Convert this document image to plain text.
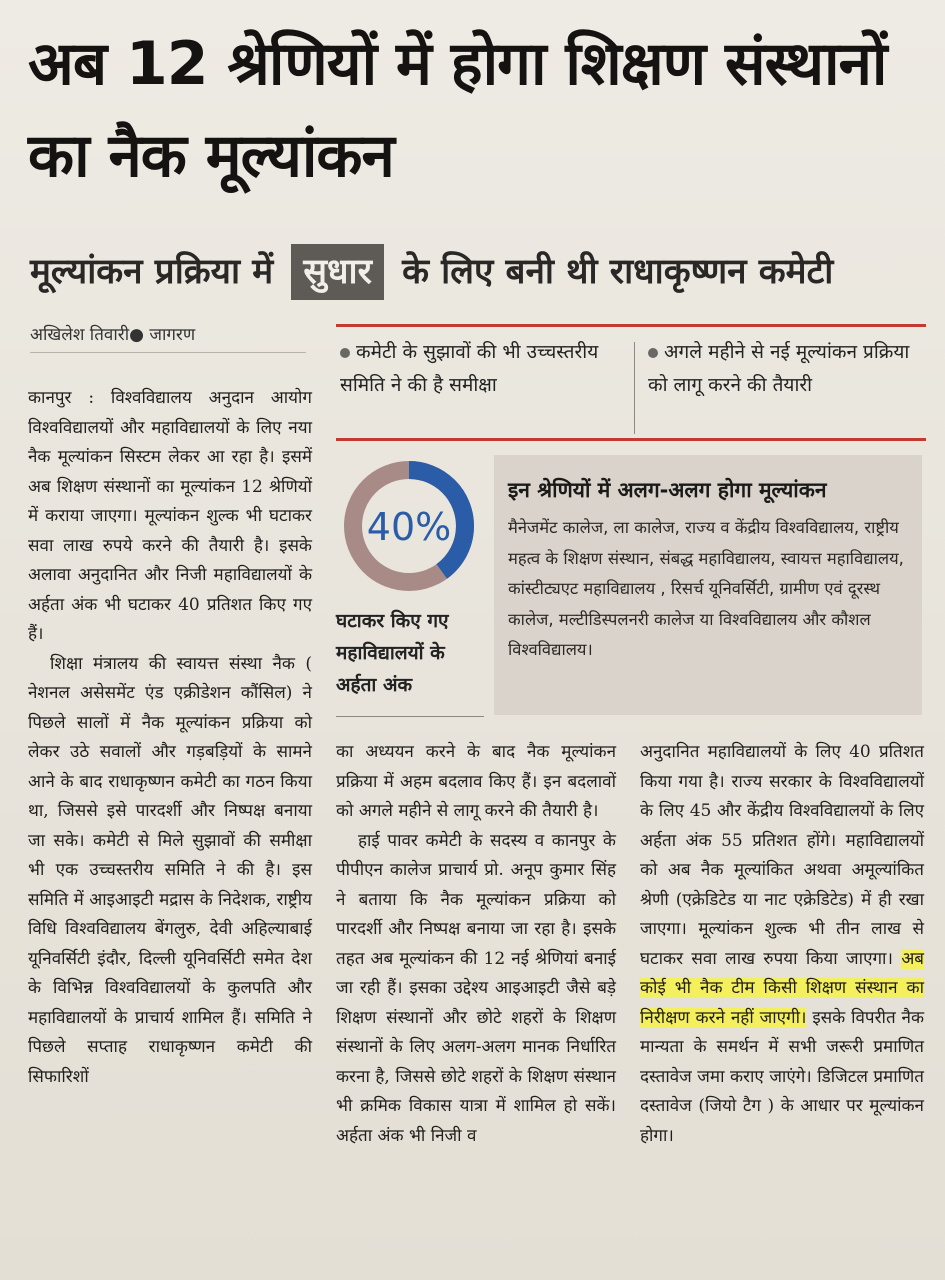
अब 12 श्रेणियों में होगा शिक्षण संस्थानों का नैक मूल्यांकन
मूल्यांकन प्रक्रिया में सुधार के लिए बनी थी राधाकृष्णन कमेटी
अखिलेश तिवारी● जागरण
कमेटी के सुझावों की भी उच्चस्तरीय समिति ने की है समीक्षा
अगले महीने से नई मूल्यांकन प्रक्रिया को लागू करने की तैयारी
40%
घटाकर किए गए महाविद्यालयों के अर्हता अंक
इन श्रेणियों में अलग-अलग होगा मूल्यांकन
मैनेजमेंट कालेज, ला कालेज, राज्य व केंद्रीय विश्वविद्यालय, राष्ट्रीय महत्व के शिक्षण संस्थान, संबद्ध महाविद्यालय, स्वायत्त महाविद्यालय, कांस्टीट्यएट महाविद्यालय , रिसर्च यूनिवर्सिटी, ग्रामीण एवं दूरस्थ कालेज, मल्टीडिस्पलनरी कालेज या विश्वविद्यालय और कौशल विश्वविद्यालय।

कानपुर : विश्वविद्यालय अनुदान आयोग विश्वविद्यालयों और महाविद्यालयों के लिए नया नैक मूल्यांकन सिस्टम लेकर आ रहा है। इसमें अब शिक्षण संस्थानों का मूल्यांकन 12 श्रेणियों में कराया जाएगा। मूल्यांकन शुल्क भी घटाकर सवा लाख रुपये करने की तैयारी है। इसके अलावा अनुदानित और निजी महाविद्यालयों के अर्हता अंक भी घटाकर 40 प्रतिशत किए गए हैं।

शिक्षा मंत्रालय की स्वायत्त संस्था नैक ( नेशनल असेसमेंट एंड एक्रीडेशन कौंसिल) ने पिछले सालों में नैक मूल्यांकन प्रक्रिया को लेकर उठे सवालों और गड़बड़ियों के सामने आने के बाद राधाकृष्णन कमेटी का गठन किया था, जिससे इसे पारदर्शी और निष्पक्ष बनाया जा सके। कमेटी से मिले सुझावों की समीक्षा भी एक उच्चस्तरीय समिति ने की है। इस समिति में आइआइटी मद्रास के निदेशक, राष्ट्रीय विधि विश्वविद्यालय बेंगलुरु, देवी अहिल्याबाई यूनिवर्सिटी इंदौर, दिल्ली यूनिवर्सिटी समेत देश के विभिन्न विश्वविद्यालयों के कुलपति और महाविद्यालयों के प्राचार्य शामिल हैं। समिति ने पिछले सप्ताह राधाकृष्णन कमेटी की सिफारिशों

का अध्ययन करने के बाद नैक मूल्यांकन प्रक्रिया में अहम बदलाव किए हैं। इन बदलावों को अगले महीने से लागू करने की तैयारी है।

हाई पावर कमेटी के सदस्य व कानपुर के पीपीएन कालेज प्राचार्य प्रो. अनूप कुमार सिंह ने बताया कि नैक मूल्यांकन प्रक्रिया को पारदर्शी और निष्पक्ष बनाया जा रहा है। इसके तहत अब मूल्यांकन की 12 नई श्रेणियां बनाई जा रही हैं। इसका उद्देश्य आइआइटी जैसे बड़े शिक्षण संस्थानों और छोटे शहरों के शिक्षण संस्थानों के लिए अलग-अलग मानक निर्धारित करना है, जिससे छोटे शहरों के शिक्षण संस्थान भी क्रमिक विकास यात्रा में शामिल हो सकें। अर्हता अंक भी निजी व

अनुदानित महाविद्यालयों के लिए 40 प्रतिशत किया गया है। राज्य सरकार के विश्वविद्यालयों के लिए 45 और केंद्रीय विश्वविद्यालयों के लिए अर्हता अंक 55 प्रतिशत होंगे। महाविद्यालयों को अब नैक मूल्यांकित अथवा अमूल्यांकित श्रेणी (एक्रेडिटेड या नाट एक्रेडिटेड) में ही रखा जाएगा। मूल्यांकन शुल्क भी तीन लाख से घटाकर सवा लाख रुपया किया जाएगा। अब कोई भी नैक टीम किसी शिक्षण संस्थान का निरीक्षण करने नहीं जाएगी। इसके विपरीत नैक मान्यता के समर्थन में सभी जरूरी प्रमाणित दस्तावेज जमा कराए जाएंगे। डिजिटल प्रमाणित दस्तावेज (जियो टैग ) के आधार पर मूल्यांकन होगा।
